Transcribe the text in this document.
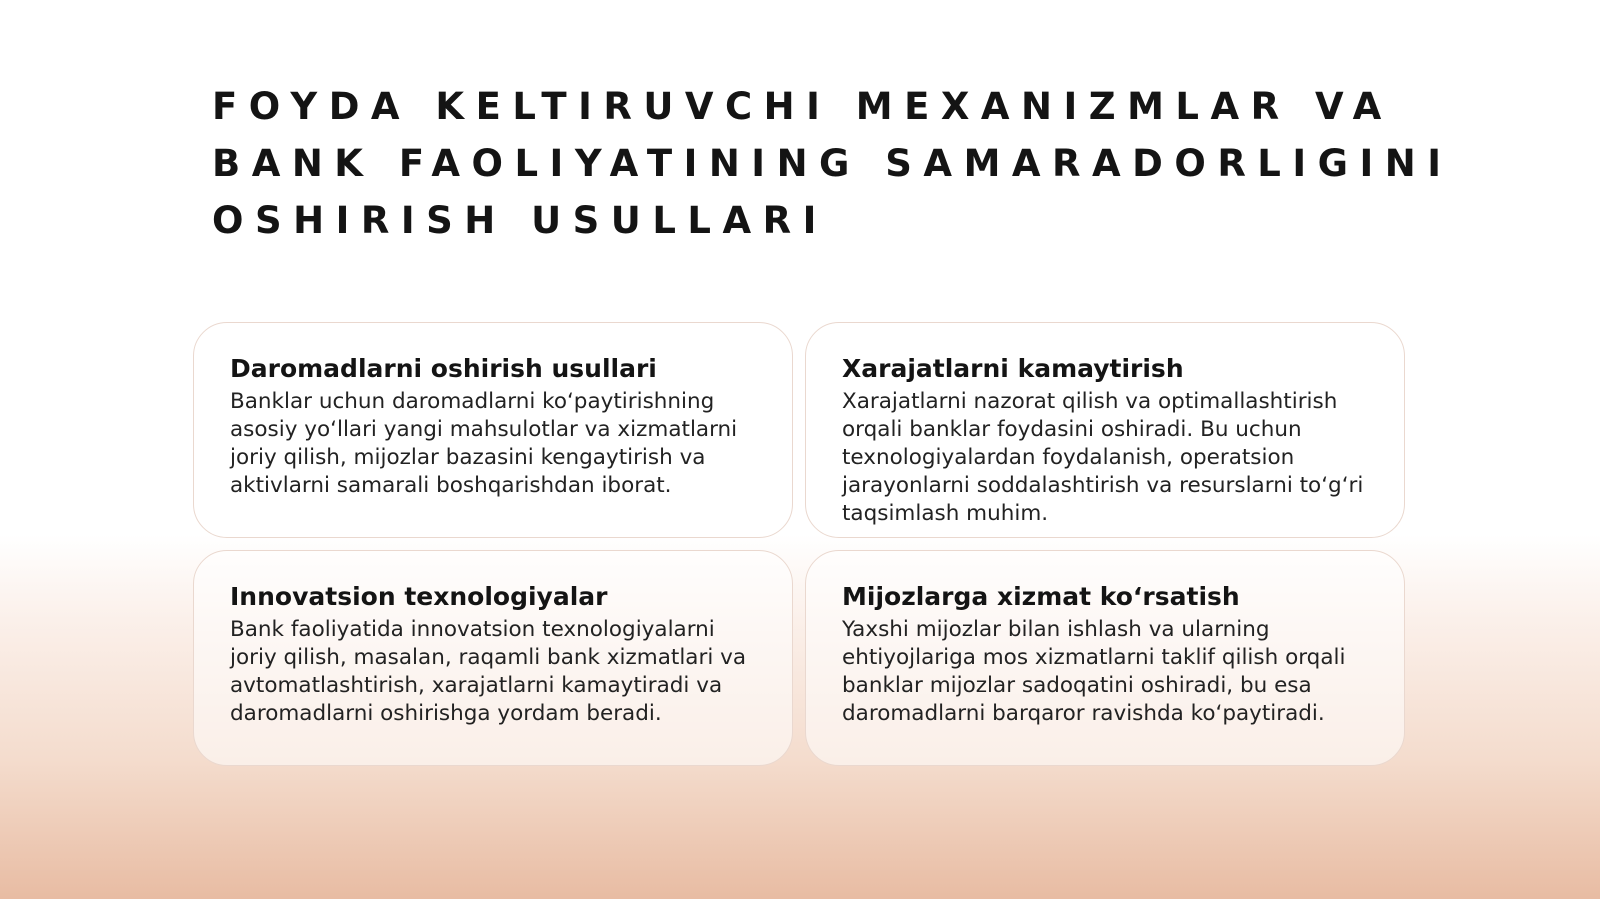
FOYDA KELTIRUVCHI MEXANIZMLAR VA BANK FAOLIYATINING SAMARADORLIGINI OSHIRISH USULLARI
Daromadlarni oshirish usullari

Banklar uchun daromadlarni ko‘paytirishning asosiy yo‘llari yangi mahsulotlar va xizmatlarni joriy qilish, mijozlar bazasini kengaytirish va aktivlarni samarali boshqarishdan iborat.

Xarajatlarni kamaytirish

Xarajatlarni nazorat qilish va optimallashtirish orqali banklar foydasini oshiradi. Bu uchun texnologiyalardan foydalanish, operatsion jarayonlarni soddalashtirish va resurslarni to‘g‘ri taqsimlash muhim.

Innovatsion texnologiyalar

Bank faoliyatida innovatsion texnologiyalarni joriy qilish, masalan, raqamli bank xizmatlari va avtomatlashtirish, xarajatlarni kamaytiradi va daromadlarni oshirishga yordam beradi.

Mijozlarga xizmat ko‘rsatish

Yaxshi mijozlar bilan ishlash va ularning ehtiyojlariga mos xizmatlarni taklif qilish orqali banklar mijozlar sadoqatini oshiradi, bu esa daromadlarni barqaror ravishda ko‘paytiradi.
